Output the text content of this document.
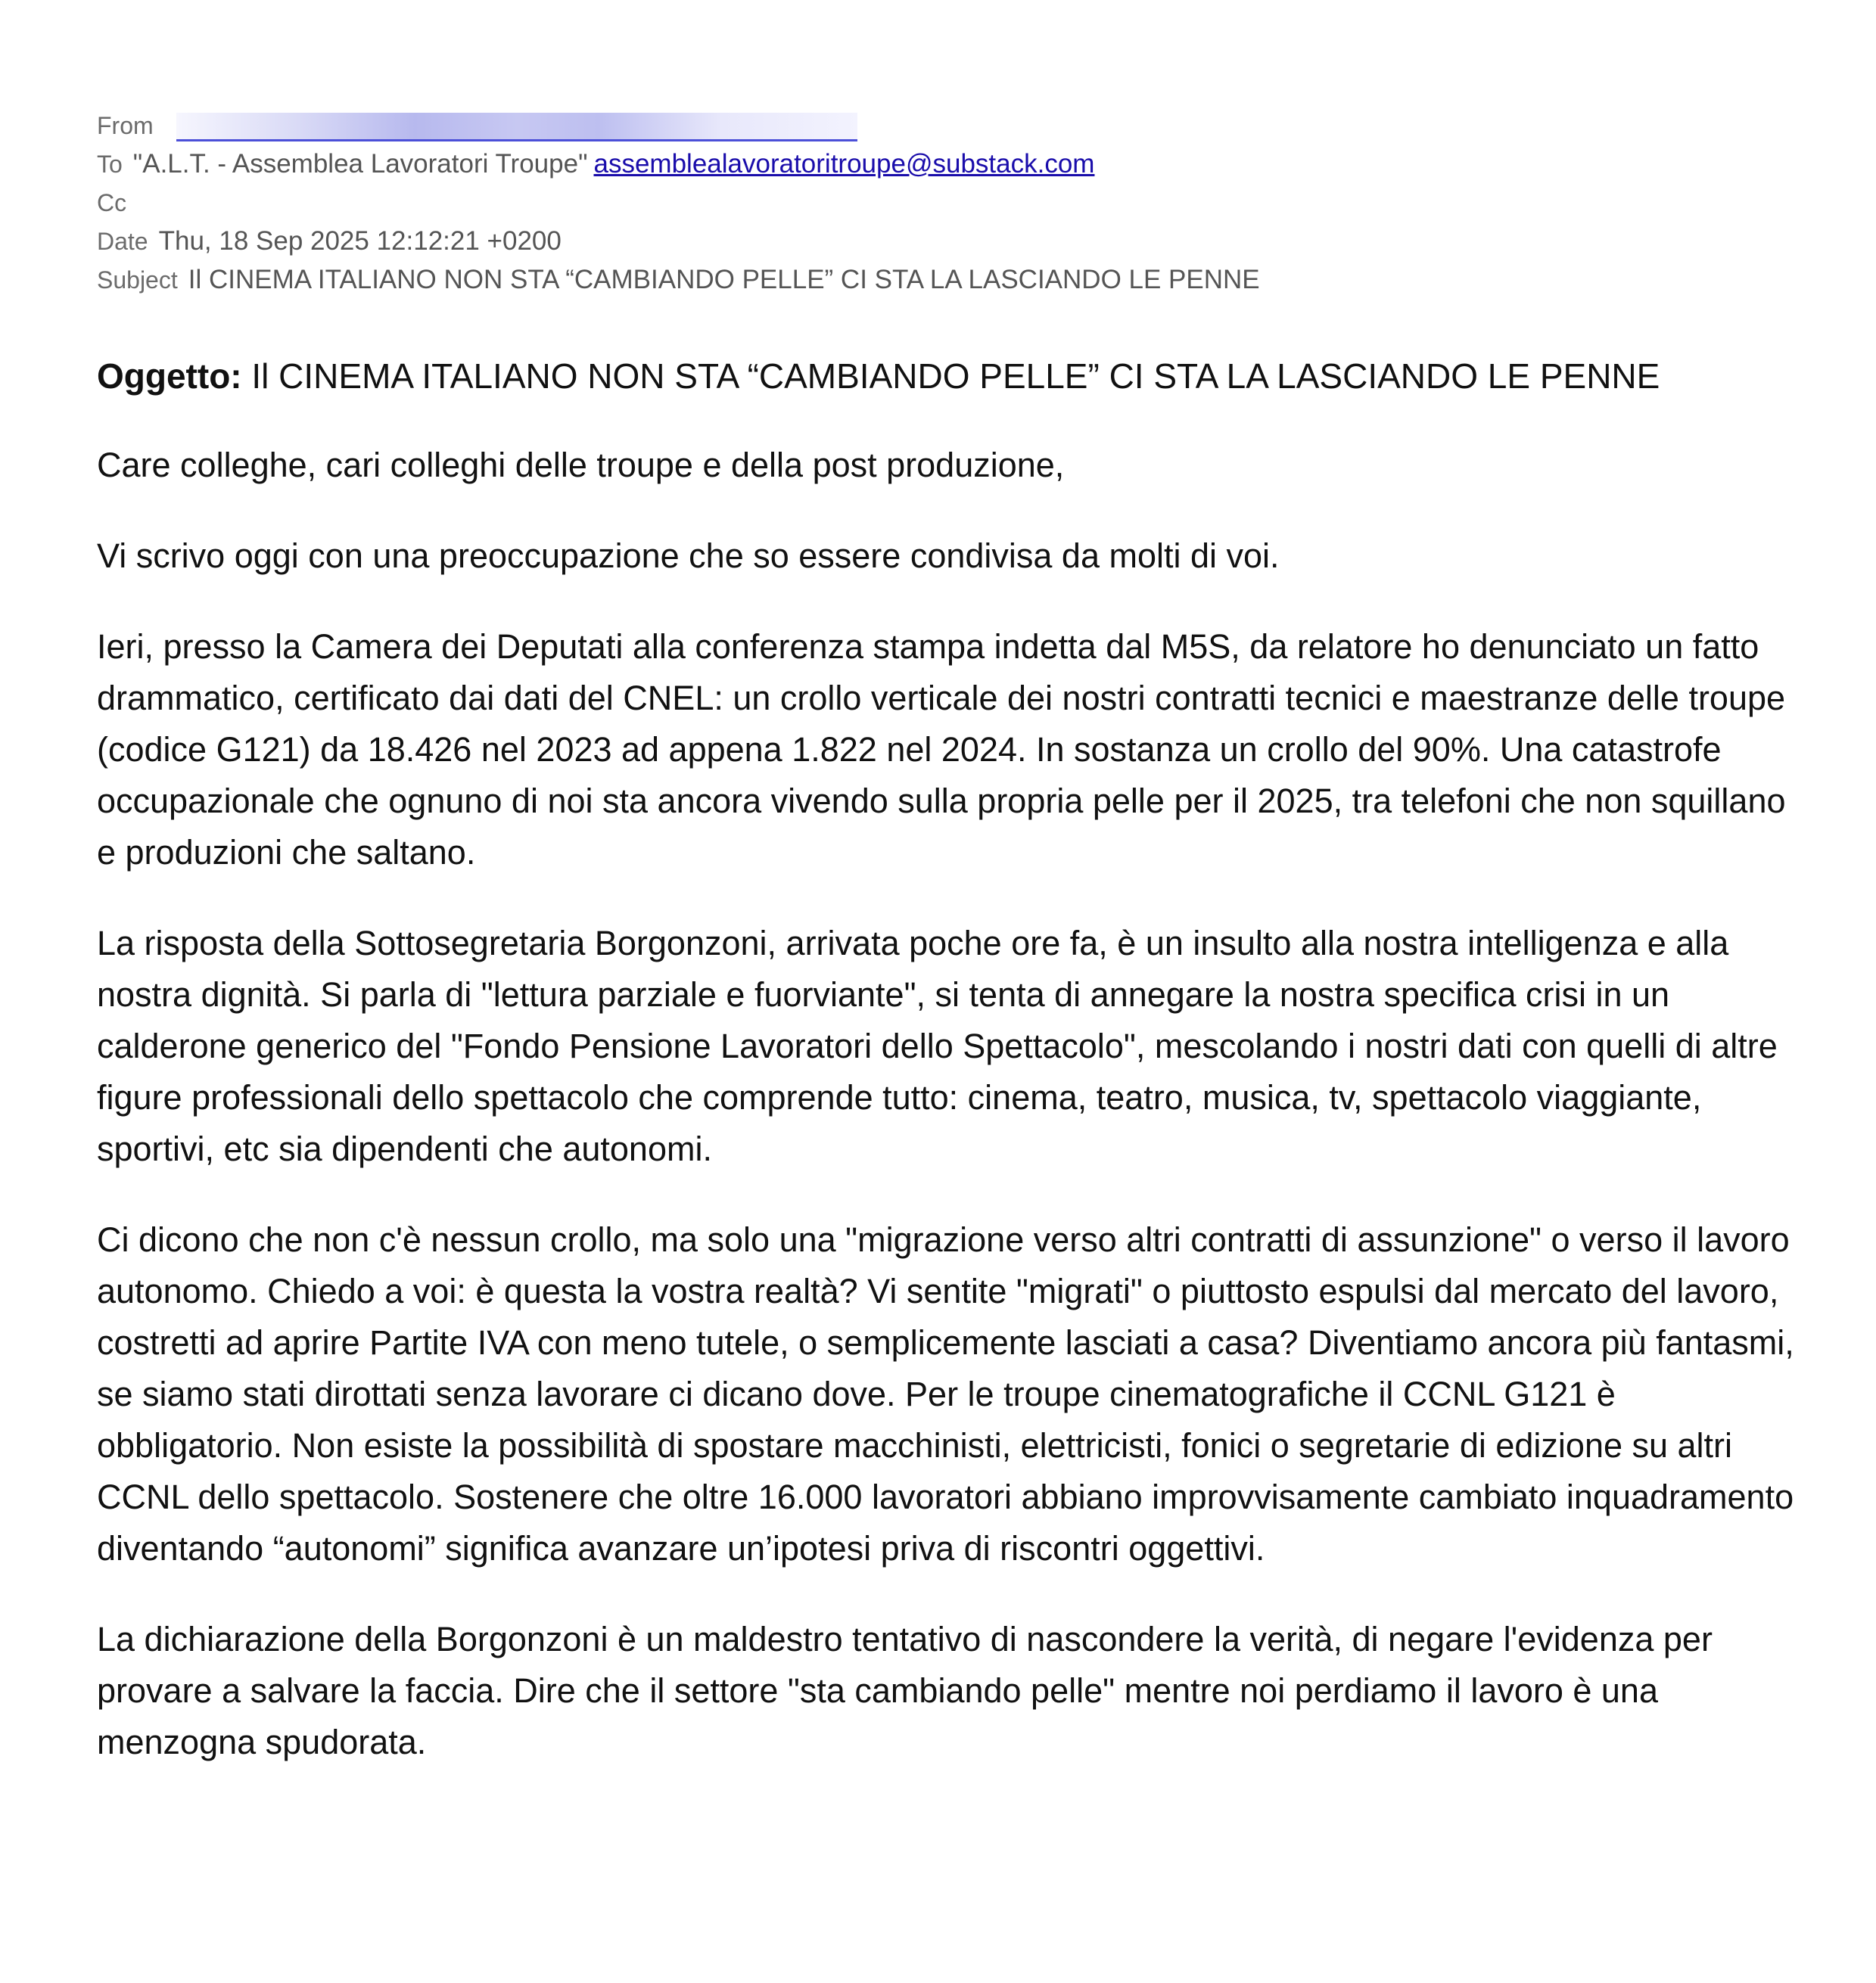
From
To "A.L.T. - Assemblea Lavoratori Troupe" assemblealavoratoritroupe@substack.com
Cc
Date Thu, 18 Sep 2025 12:12:21 +0200
Subject Il CINEMA ITALIANO NON STA “CAMBIANDO PELLE” CI STA LA LASCIANDO LE PENNE
Oggetto: Il CINEMA ITALIANO NON STA “CAMBIANDO PELLE” CI STA LA LASCIANDO LE PENNE

Care colleghe, cari colleghi delle troupe e della post produzione,

Vi scrivo oggi con una preoccupazione che so essere condivisa da molti di voi.

Ieri, presso la Camera dei Deputati alla conferenza stampa indetta dal M5S, da relatore ho denunciato un fatto drammatico, certificato dai dati del CNEL: un crollo verticale dei nostri contratti tecnici e maestranze delle troupe (codice G121) da 18.426 nel 2023 ad appena 1.822 nel 2024. In sostanza un crollo del 90%. Una catastrofe occupazionale che ognuno di noi sta ancora vivendo sulla propria pelle per il 2025, tra telefoni che non squillano e produzioni che saltano.

La risposta della Sottosegretaria Borgonzoni, arrivata poche ore fa, è un insulto alla nostra intelligenza e alla nostra dignità. Si parla di "lettura parziale e fuorviante", si tenta di annegare la nostra specifica crisi in un calderone generico del "Fondo Pensione Lavoratori dello Spettacolo", mescolando i nostri dati con quelli di altre figure professionali dello spettacolo che comprende tutto: cinema, teatro, musica, tv, spettacolo viaggiante, sportivi, etc sia dipendenti che autonomi.

Ci dicono che non c'è nessun crollo, ma solo una "migrazione verso altri contratti di assunzione" o verso il lavoro autonomo. Chiedo a voi: è questa la vostra realtà? Vi sentite "migrati" o piuttosto espulsi dal mercato del lavoro, costretti ad aprire Partite IVA con meno tutele, o semplicemente lasciati a casa? Diventiamo ancora più fantasmi, se siamo stati dirottati senza lavorare ci dicano dove. Per le troupe cinematografiche il CCNL G121 è obbligatorio. Non esiste la possibilità di spostare macchinisti, elettricisti, fonici o segretarie di edizione su altri CCNL dello spettacolo. Sostenere che oltre 16.000 lavoratori abbiano improvvisamente cambiato inquadramento diventando “autonomi” significa avanzare un’ipotesi priva di riscontri oggettivi.

La dichiarazione della Borgonzoni è un maldestro tentativo di nascondere la verità, di negare l'evidenza per provare a salvare la faccia. Dire che il settore "sta cambiando pelle" mentre noi perdiamo il lavoro è una menzogna spudorata.
